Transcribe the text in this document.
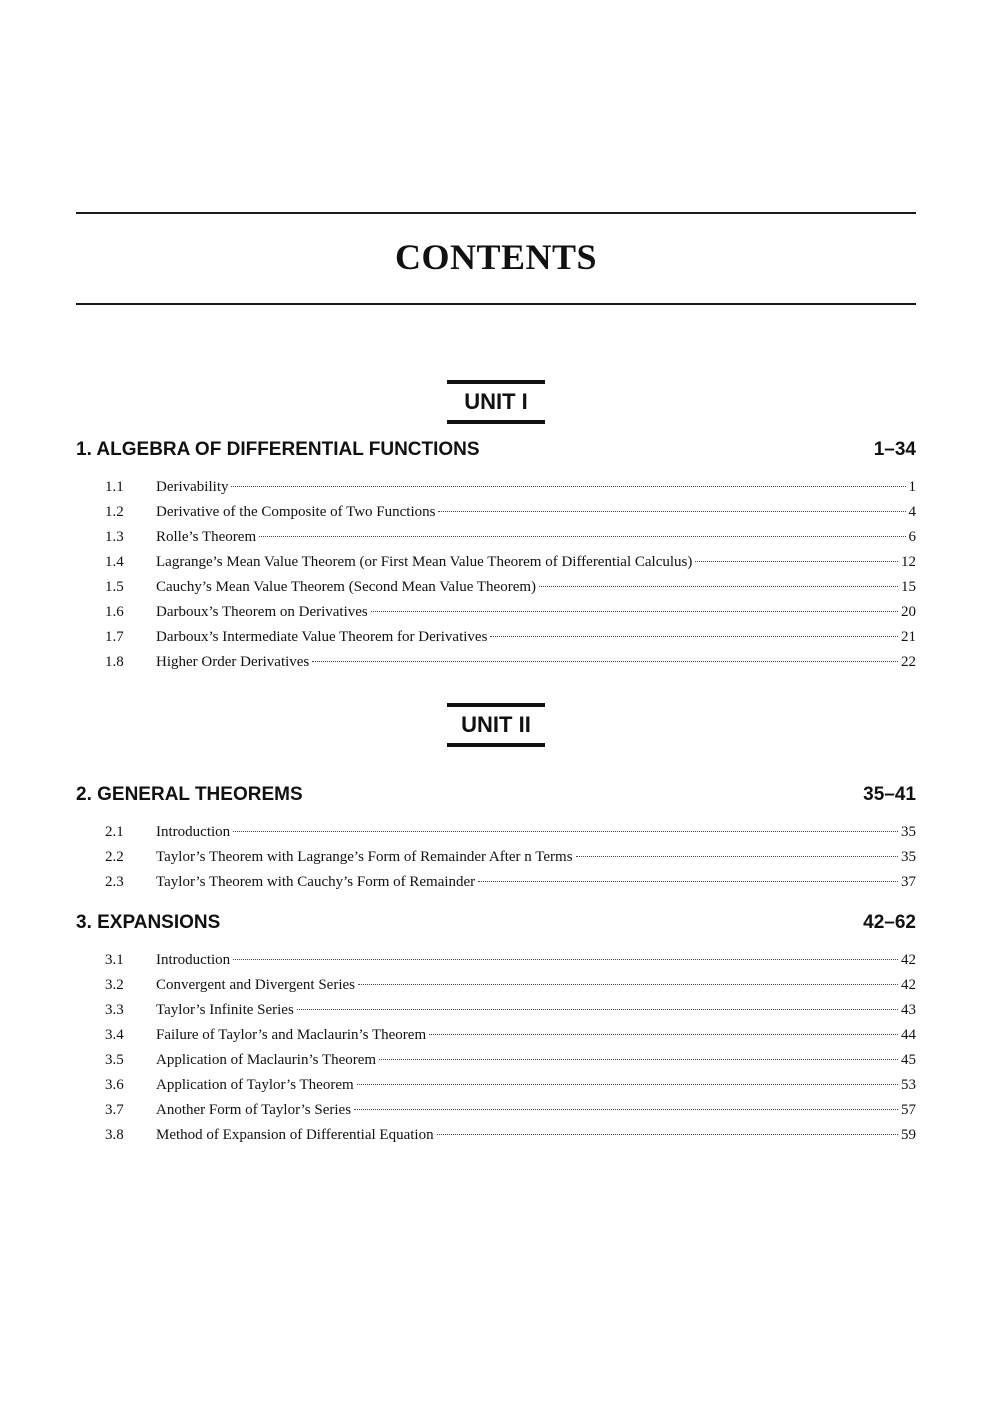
CONTENTS
UNIT I
1. ALGEBRA OF DIFFERENTIAL FUNCTIONS	1–34
1.1	Derivability	1
1.2	Derivative of the Composite of Two Functions	4
1.3	Rolle’s Theorem	6
1.4	Lagrange’s Mean Value Theorem (or First Mean Value Theorem of Differential Calculus)	12
1.5	Cauchy’s Mean Value Theorem (Second Mean Value Theorem)	15
1.6	Darboux’s Theorem on Derivatives	20
1.7	Darboux’s Intermediate Value Theorem for Derivatives	21
1.8	Higher Order Derivatives	22
UNIT II
2. GENERAL THEOREMS	35–41
2.1	Introduction	35
2.2	Taylor’s Theorem with Lagrange’s Form of Remainder After n Terms	35
2.3	Taylor’s Theorem with Cauchy’s Form of Remainder	37
3. EXPANSIONS	42–62
3.1	Introduction	42
3.2	Convergent and Divergent Series	42
3.3	Taylor’s Infinite Series	43
3.4	Failure of Taylor’s and Maclaurin’s Theorem	44
3.5	Application of Maclaurin’s Theorem	45
3.6	Application of Taylor’s Theorem	53
3.7	Another Form of Taylor’s Series	57
3.8	Method of Expansion of Differential Equation	59
